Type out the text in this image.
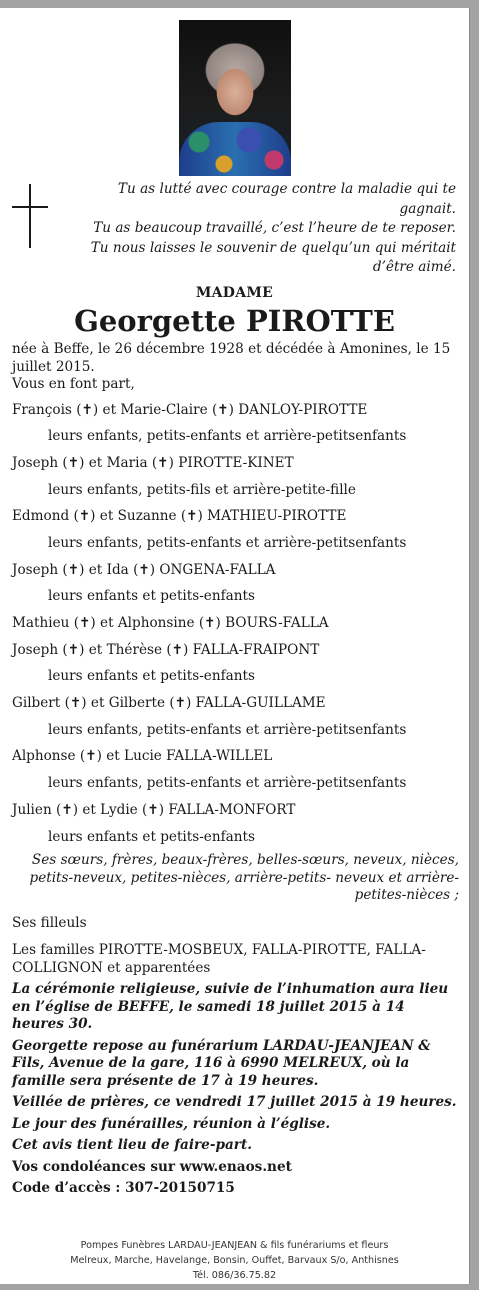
Tu as lutté avec courage contre la maladie qui te
gagnait.
Tu as beaucoup travaillé, c’est l’heure de te reposer.
Tu nous laisses le souvenir de quelqu’un qui méritait
d’être aimé.
MADAME
Georgette PIROTTE

née à Beffe, le 26 décembre 1928 et décédée à Amonines, le 15 juillet 2015.

Vous en font part,

François (✝) et Marie-Claire (✝) DANLOY-PIROTTE
leurs enfants, petits-enfants et arrière-petitsenfants
Joseph (✝) et Maria (✝) PIROTTE-KINET
leurs enfants, petits-fils et arrière-petite-fille
Edmond (✝) et Suzanne (✝) MATHIEU-PIROTTE
leurs enfants, petits-enfants et arrière-petitsenfants
Joseph (✝) et Ida (✝) ONGENA-FALLA
leurs enfants et petits-enfants
Mathieu (✝) et Alphonsine (✝) BOURS-FALLA
Joseph (✝) et Thérèse (✝) FALLA-FRAIPONT
leurs enfants et petits-enfants
Gilbert (✝) et Gilberte (✝) FALLA-GUILLAME
leurs enfants, petits-enfants et arrière-petitsenfants
Alphonse (✝) et Lucie FALLA-WILLEL
leurs enfants, petits-enfants et arrière-petitsenfants
Julien (✝) et Lydie (✝) FALLA-MONFORT
leurs enfants et petits-enfants

Ses sœurs, frères, beaux-frères, belles-sœurs, neveux, nièces, petits-neveux, petites-nièces, arrière-petits- neveux et arrière-petites-nièces ;

Ses filleuls

Les familles PIROTTE-MOSBEUX, FALLA-PIROTTE, FALLA-COLLIGNON et apparentées

La cérémonie religieuse, suivie de l’inhumation aura lieu en l’église de BEFFE, le samedi 18 juillet 2015 à 14 heures 30.

Georgette repose au funérarium LARDAU-JEANJEAN & Fils, Avenue de la gare, 116 à 6990 MELREUX, où la famille sera présente de 17 à 19 heures.

Veillée de prières, ce vendredi 17 juillet 2015 à 19 heures.

Le jour des funérailles, réunion à l’église.

Cet avis tient lieu de faire-part.

Vos condoléances sur www.enaos.net

Code d’accès : 307-20150715

Pompes Funèbres LARDAU-JEANJEAN & fils funérariums et fleurs
Melreux, Marche, Havelange, Bonsin, Ouffet, Barvaux S/o, Anthisnes
Tél. 086/36.75.82
